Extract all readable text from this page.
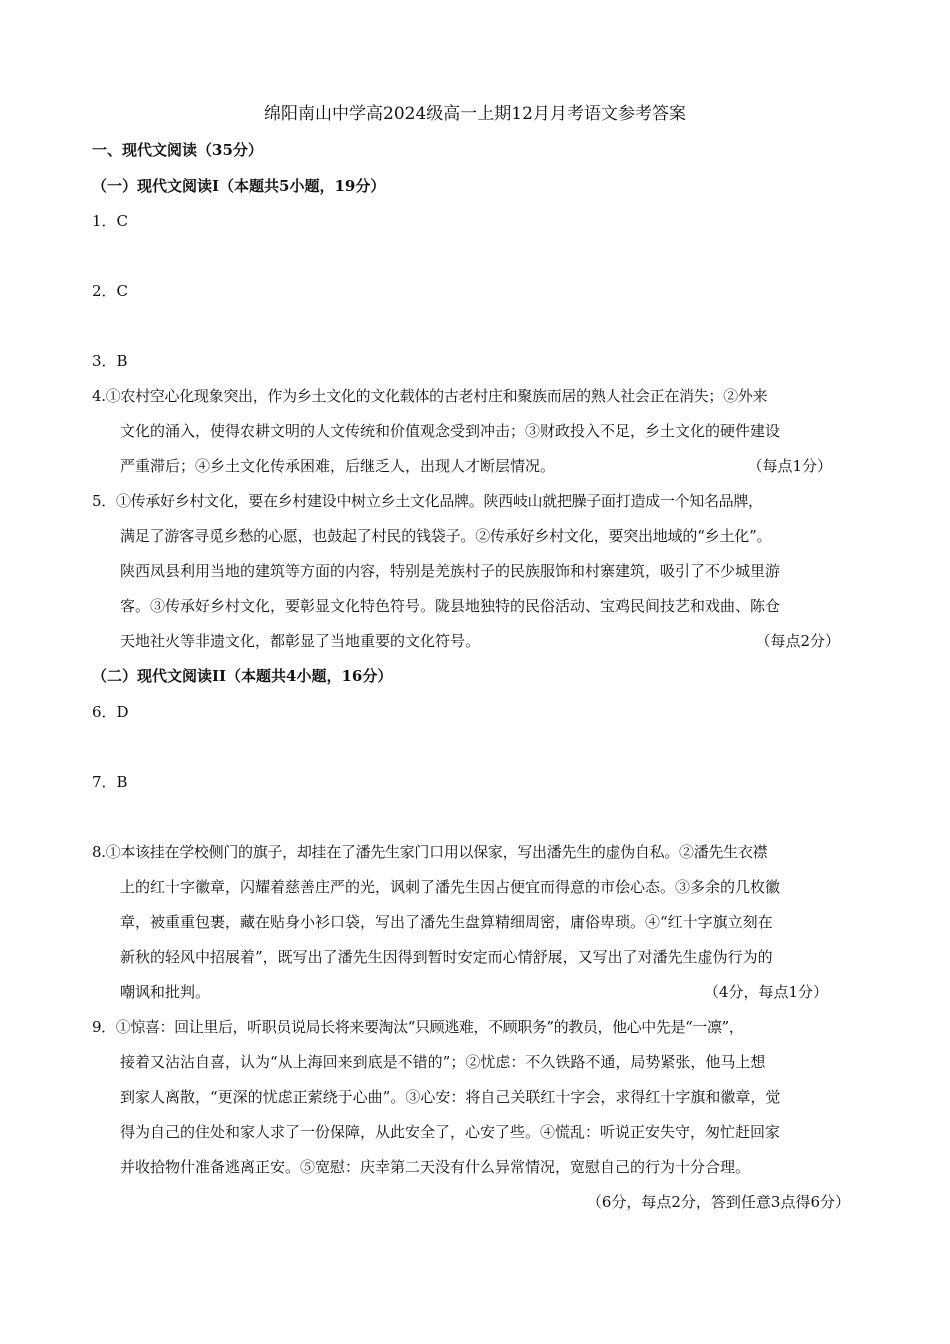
绵阳南山中学高2024级高一上期12月月考语文参考答案
一、现代文阅读（35分）
（一）现代文阅读I（本题共5小题，19分）
1．C
2．C
3．B
4.①农村空心化现象突出，作为乡土文化的文化载体的古老村庄和聚族而居的熟人社会正在消失；②外来
文化的涌入，使得农耕文明的人文传统和价值观念受到冲击；③财政投入不足，乡土文化的硬件建设
严重滞后；④乡土文化传承困难，后继乏人，出现人才断层情况。	（每点1分）
5．①传承好乡村文化，要在乡村建设中树立乡土文化品牌。陕西岐山就把臊子面打造成一个知名品牌，
满足了游客寻觅乡愁的心愿，也鼓起了村民的钱袋子。②传承好乡村文化，要突出地域的“乡土化”。
陕西凤县利用当地的建筑等方面的内容，特别是羌族村子的民族服饰和村寨建筑，吸引了不少城里游
客。③传承好乡村文化，要彰显文化特色符号。陇县地独特的民俗活动、宝鸡民间技艺和戏曲、陈仓
天地社火等非遗文化，都彰显了当地重要的文化符号。	（每点2分）
（二）现代文阅读II（本题共4小题，16分）
6．D
7．B
8.①本该挂在学校侧门的旗子，却挂在了潘先生家门口用以保家，写出潘先生的虚伪自私。②潘先生衣襟
上的红十字徽章，闪耀着慈善庄严的光，讽刺了潘先生因占便宜而得意的市侩心态。③多余的几枚徽
章，被重重包裹，藏在贴身小衫口袋，写出了潘先生盘算精细周密，庸俗卑琐。④“红十字旗立刻在
新秋的轻风中招展着”，既写出了潘先生因得到暂时安定而心情舒展，又写出了对潘先生虚伪行为的
嘲讽和批判。	（4分，每点1分）
9．①惊喜：回让里后，听职员说局长将来要淘汰“只顾逃难，不顾职务”的教员，他心中先是“一凛”，
接着又沾沾自喜，认为“从上海回来到底是不错的”；②忧虑：不久铁路不通，局势紧张，他马上想
到家人离散，“更深的忧虑正萦绕于心曲”。③心安：将自己关联红十字会，求得红十字旗和徽章，觉
得为自己的住处和家人求了一份保障，从此安全了，心安了些。④慌乱：听说正安失守，匆忙赶回家
并收拾物什准备逃离正安。⑤宽慰：庆幸第二天没有什么异常情况，宽慰自己的行为十分合理。
（6分，每点2分，答到任意3点得6分）
